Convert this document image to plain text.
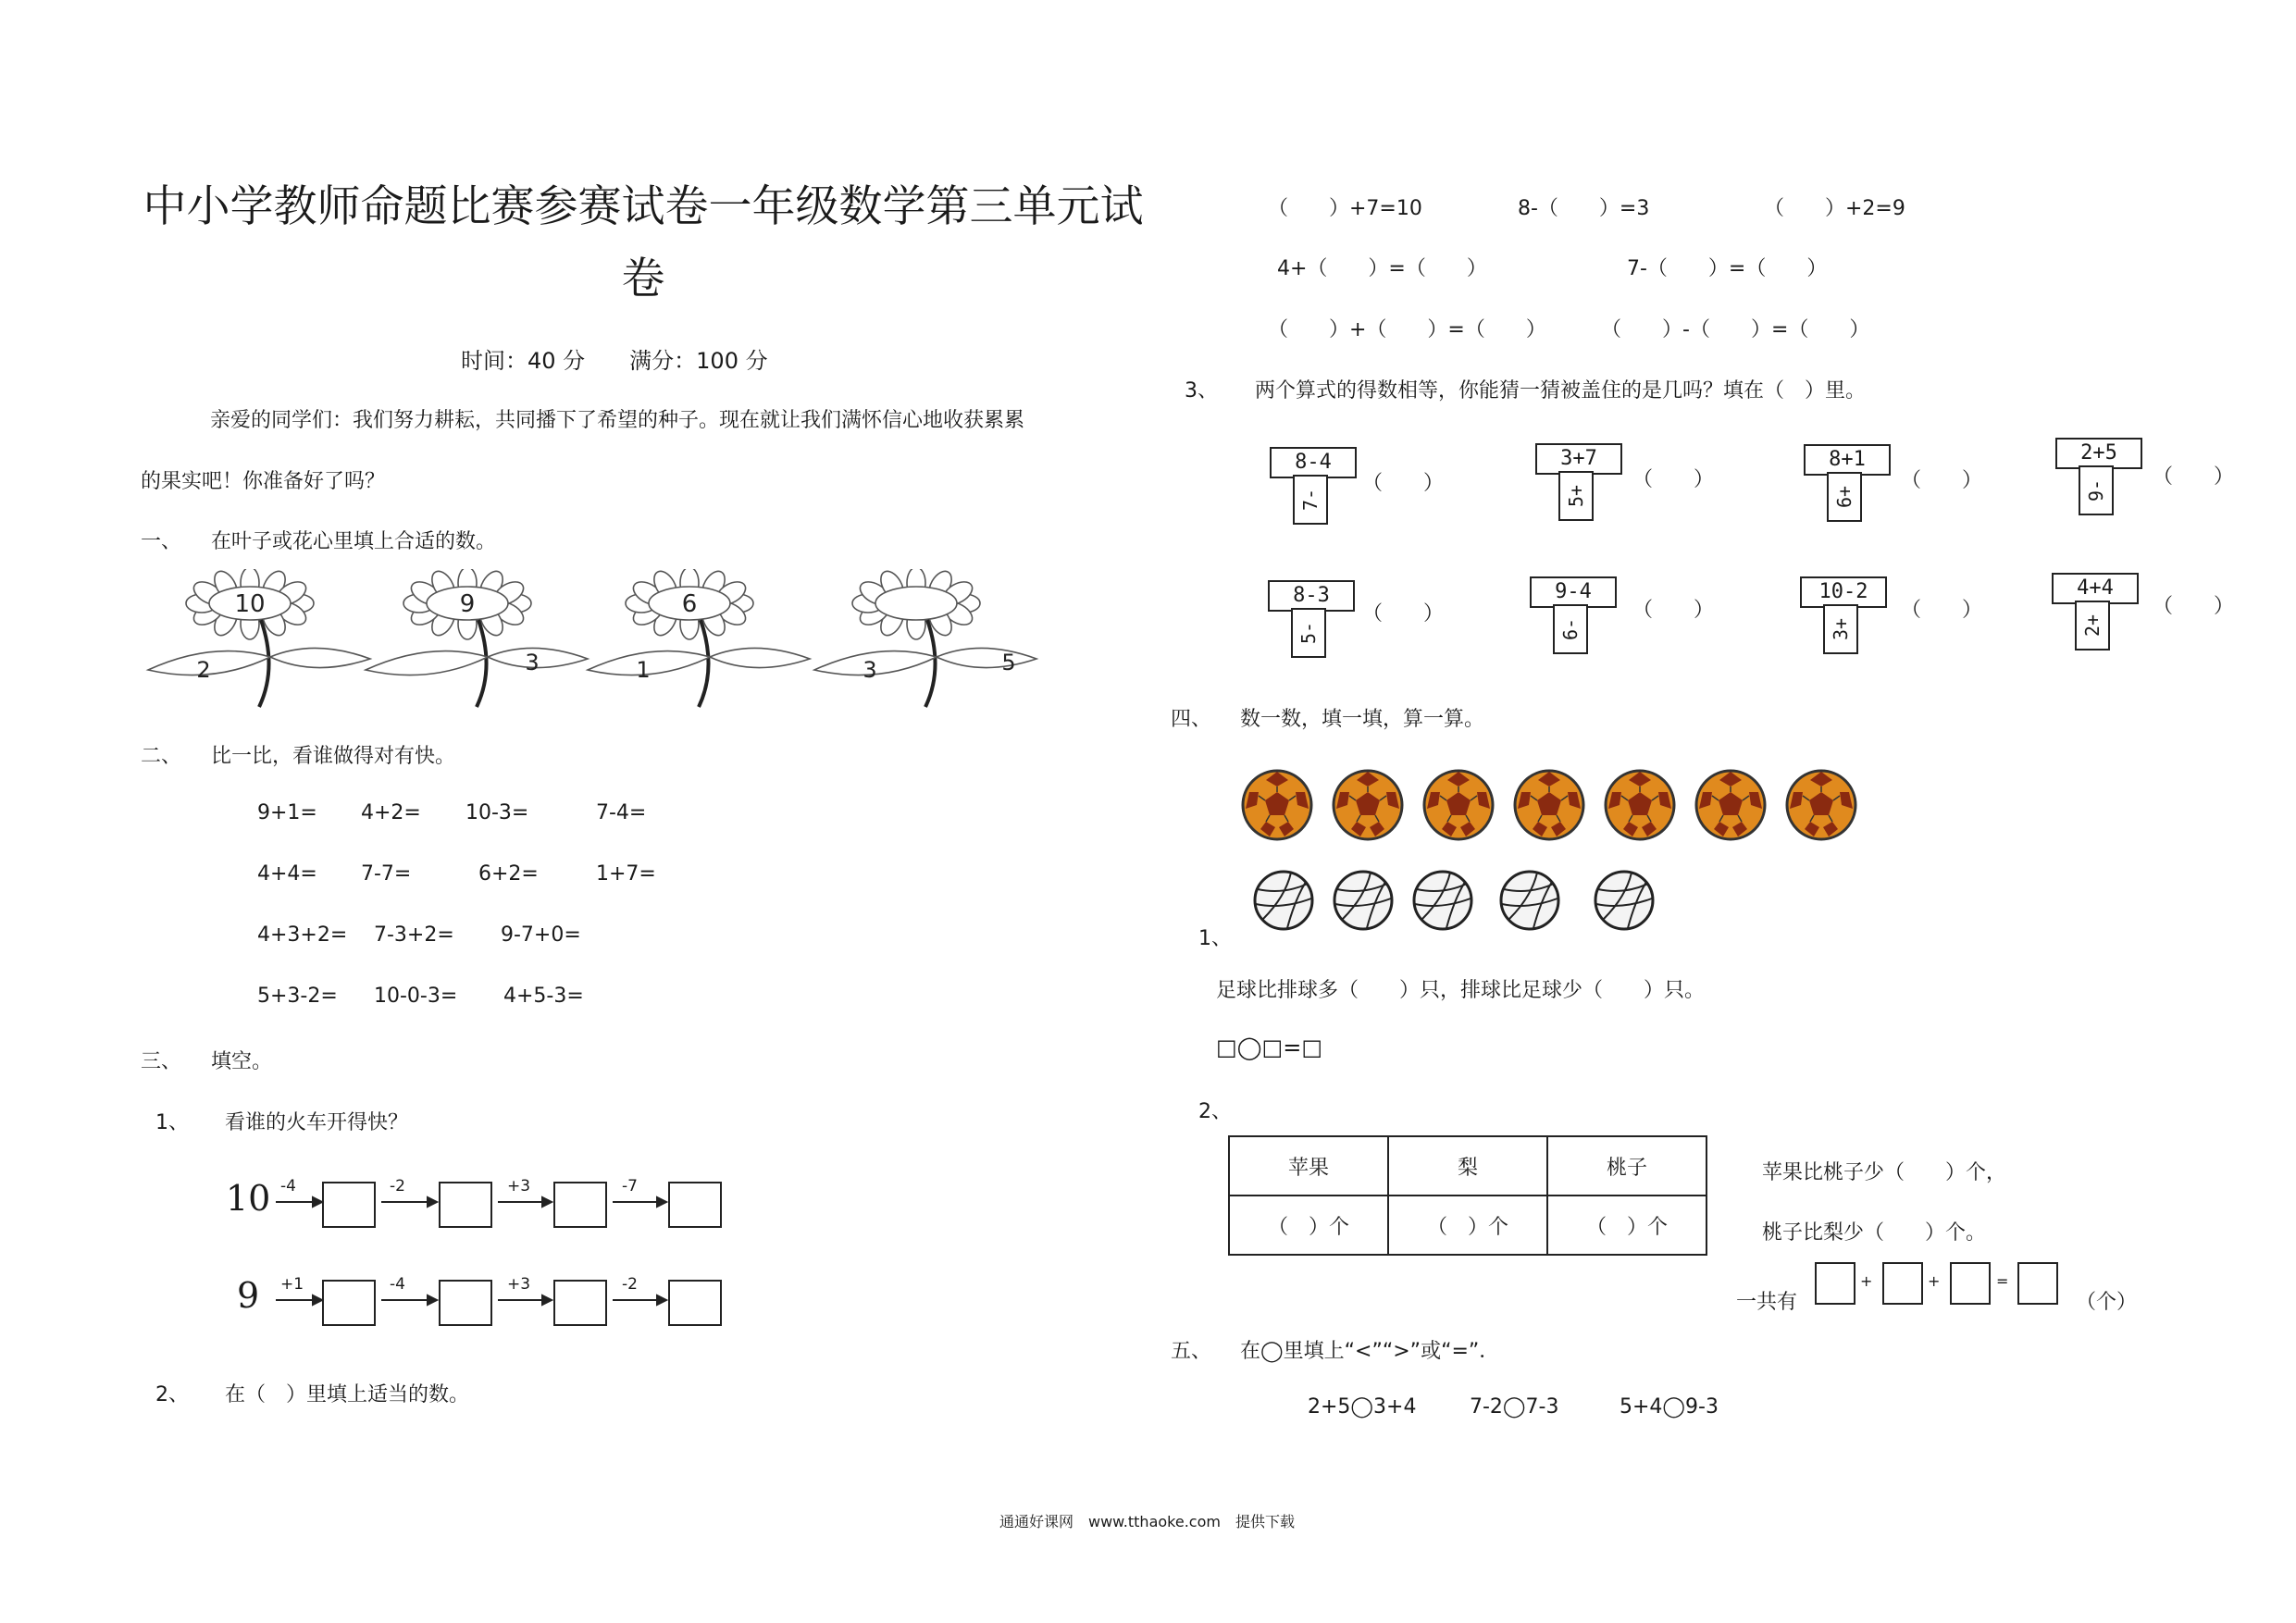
中小学教师命题比赛参赛试卷一年级数学第三单元试卷
时间：40 分　　满分：100 分
亲爱的同学们：我们努力耕耘，共同播下了希望的种子。现在就让我们满怀信心地收获累累
的果实吧！你准备好了吗？
一、 在叶子或花心里填上合适的数。
10
2
9
3
6
1	3	5
二、 比一比，看谁做得对有快。
9+1= 4+2= 10-3=	7-4=
4+4= 7-7=	6+2=	1+7=
4+3+2= 7-3+2= 9-7+0=
5+3-2= 10-0-3= 4+5-3=
三、 填空。
1、 看谁的火车开得快？
10 -4	-2	+3	-7
9 +1	-4	+3	-2
2、 在（　）里填上适当的数。
（　　）+7=10	8-（　　）=3	（　　）+2=9
4+（　　）=（　　）	7-（　　）=（　　）
（　　）+（　　）=（　　）	（　　）-（　　）=（　　）
3、 两个算式的得数相等，你能猜一猜被盖住的是几吗？填在（　）里。
8-4
7-
（　　）
3+7
5+
（　　）
8+1
6+
（　　）
2+5
9-
（　　）
8-3
5-
（　　）
9-4
6-
（　　）
10-2
3+
（　　）
4+4
2+
（　　）
四、 数一数，填一填，算一算。
1、
足球比排球多（　　）只，排球比足球少（　　）只。
□◯□=□
2、
苹果	梨	桃子
（　）个	（　）个	（　）个
苹果比桃子少（　　）个，
桃子比梨少（　　）个。
一共有
+	+	=
（个）
五、 在◯里填上“<”“>”或“=”．
2+5◯3+4	7-2◯7-3	5+4◯9-3
通通好课网　www.tthaoke.com　提供下载
